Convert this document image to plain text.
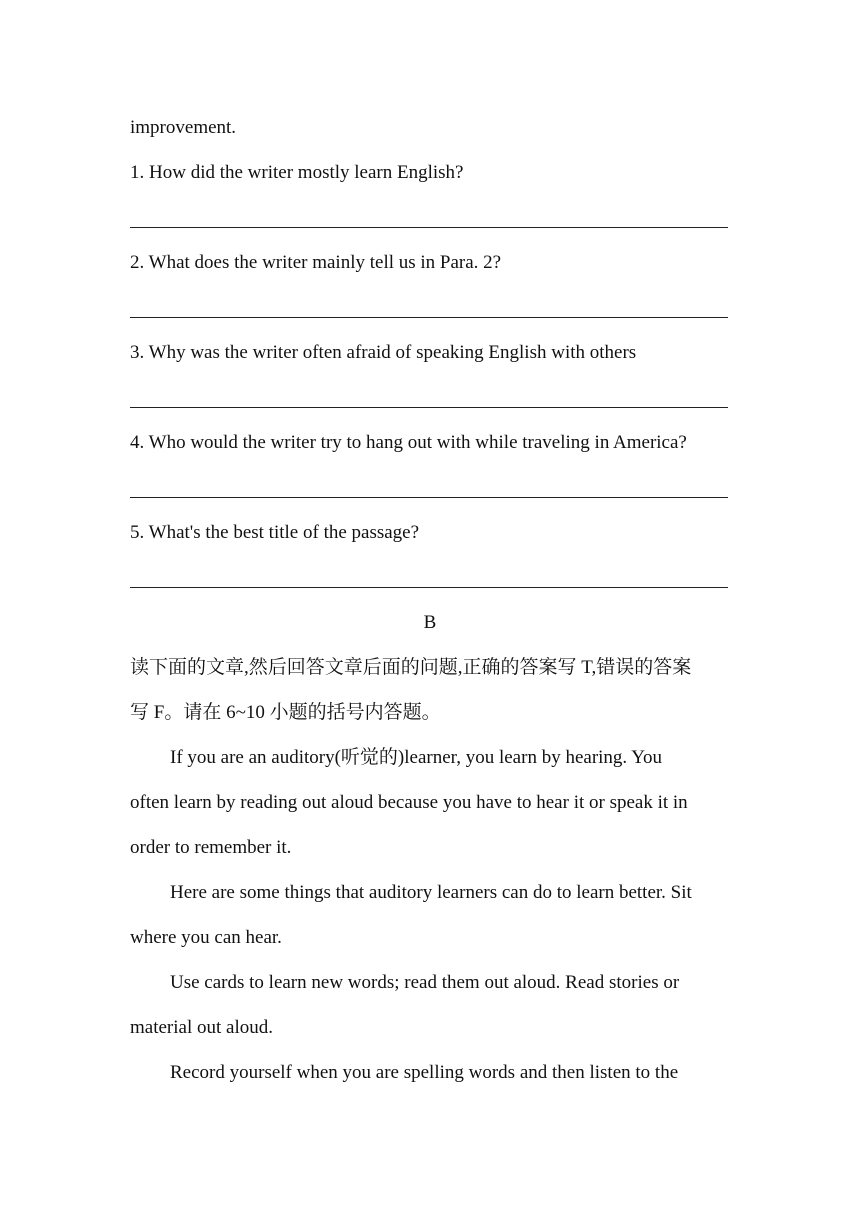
improvement.
1. How did the writer mostly learn English?
2. What does the writer mainly tell us in Para. 2?
3. Why was the writer often afraid of speaking English with others
4. Who would the writer try to hang out with while traveling in America?
5. What's the best title of the passage?
B
读下面的文章,然后回答文章后面的问题,正确的答案写 T,错误的答案
写 F。请在 6~10 小题的括号内答题。
If you are an auditory(听觉的)learner, you learn by hearing. You
often learn by reading out aloud because you have to hear it or speak it in
order to remember it.
Here are some things that auditory learners can do to learn better. Sit
where you can hear.
Use cards to learn new words; read them out aloud. Read stories or
material out aloud.
Record yourself when you are spelling words and then listen to the
